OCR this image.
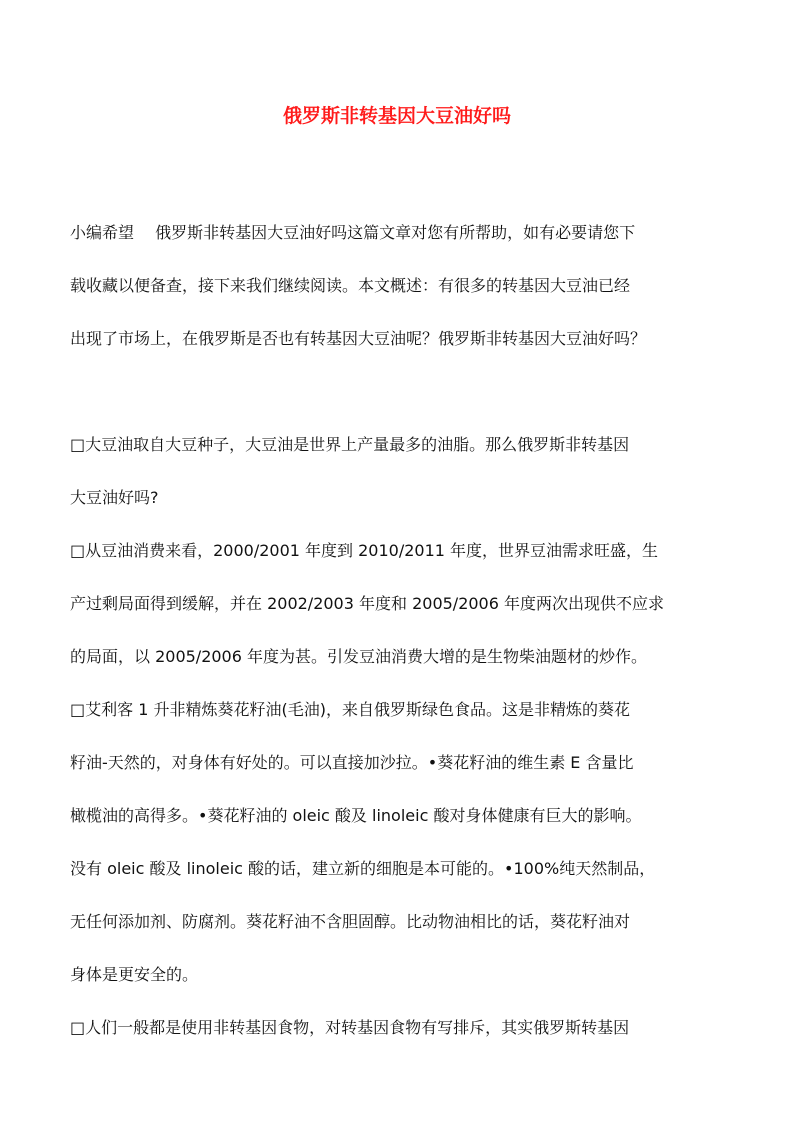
俄罗斯非转基因大豆油好吗

小编希望　 俄罗斯非转基因大豆油好吗这篇文章对您有所帮助，如有必要请您下
载收藏以便备查，接下来我们继续阅读。本文概述：有很多的转基因大豆油已经
出现了市场上，在俄罗斯是否也有转基因大豆油呢？俄罗斯非转基因大豆油好吗？

□大豆油取自大豆种子，大豆油是世界上产量最多的油脂。那么俄罗斯非转基因
大豆油好吗?

□从豆油消费来看，2000/2001 年度到 2010/2011 年度，世界豆油需求旺盛，生
产过剩局面得到缓解，并在 2002/2003 年度和 2005/2006 年度两次出现供不应求
的局面，以 2005/2006 年度为甚。引发豆油消费大增的是生物柴油题材的炒作。

□艾利客 1 升非精炼葵花籽油(毛油)，来自俄罗斯绿色食品。这是非精炼的葵花
籽油-天然的，对身体有好处的。可以直接加沙拉。•葵花籽油的维生素 E 含量比
橄榄油的高得多。•葵花籽油的 oleic 酸及 linoleic 酸对身体健康有巨大的影响。
没有 oleic 酸及 linoleic 酸的话，建立新的细胞是本可能的。•100%纯天然制品，
无任何添加剂、防腐剂。葵花籽油不含胆固醇。比动物油相比的话，葵花籽油对
身体是更安全的。

□人们一般都是使用非转基因食物，对转基因食物有写排斥，其实俄罗斯转基因
